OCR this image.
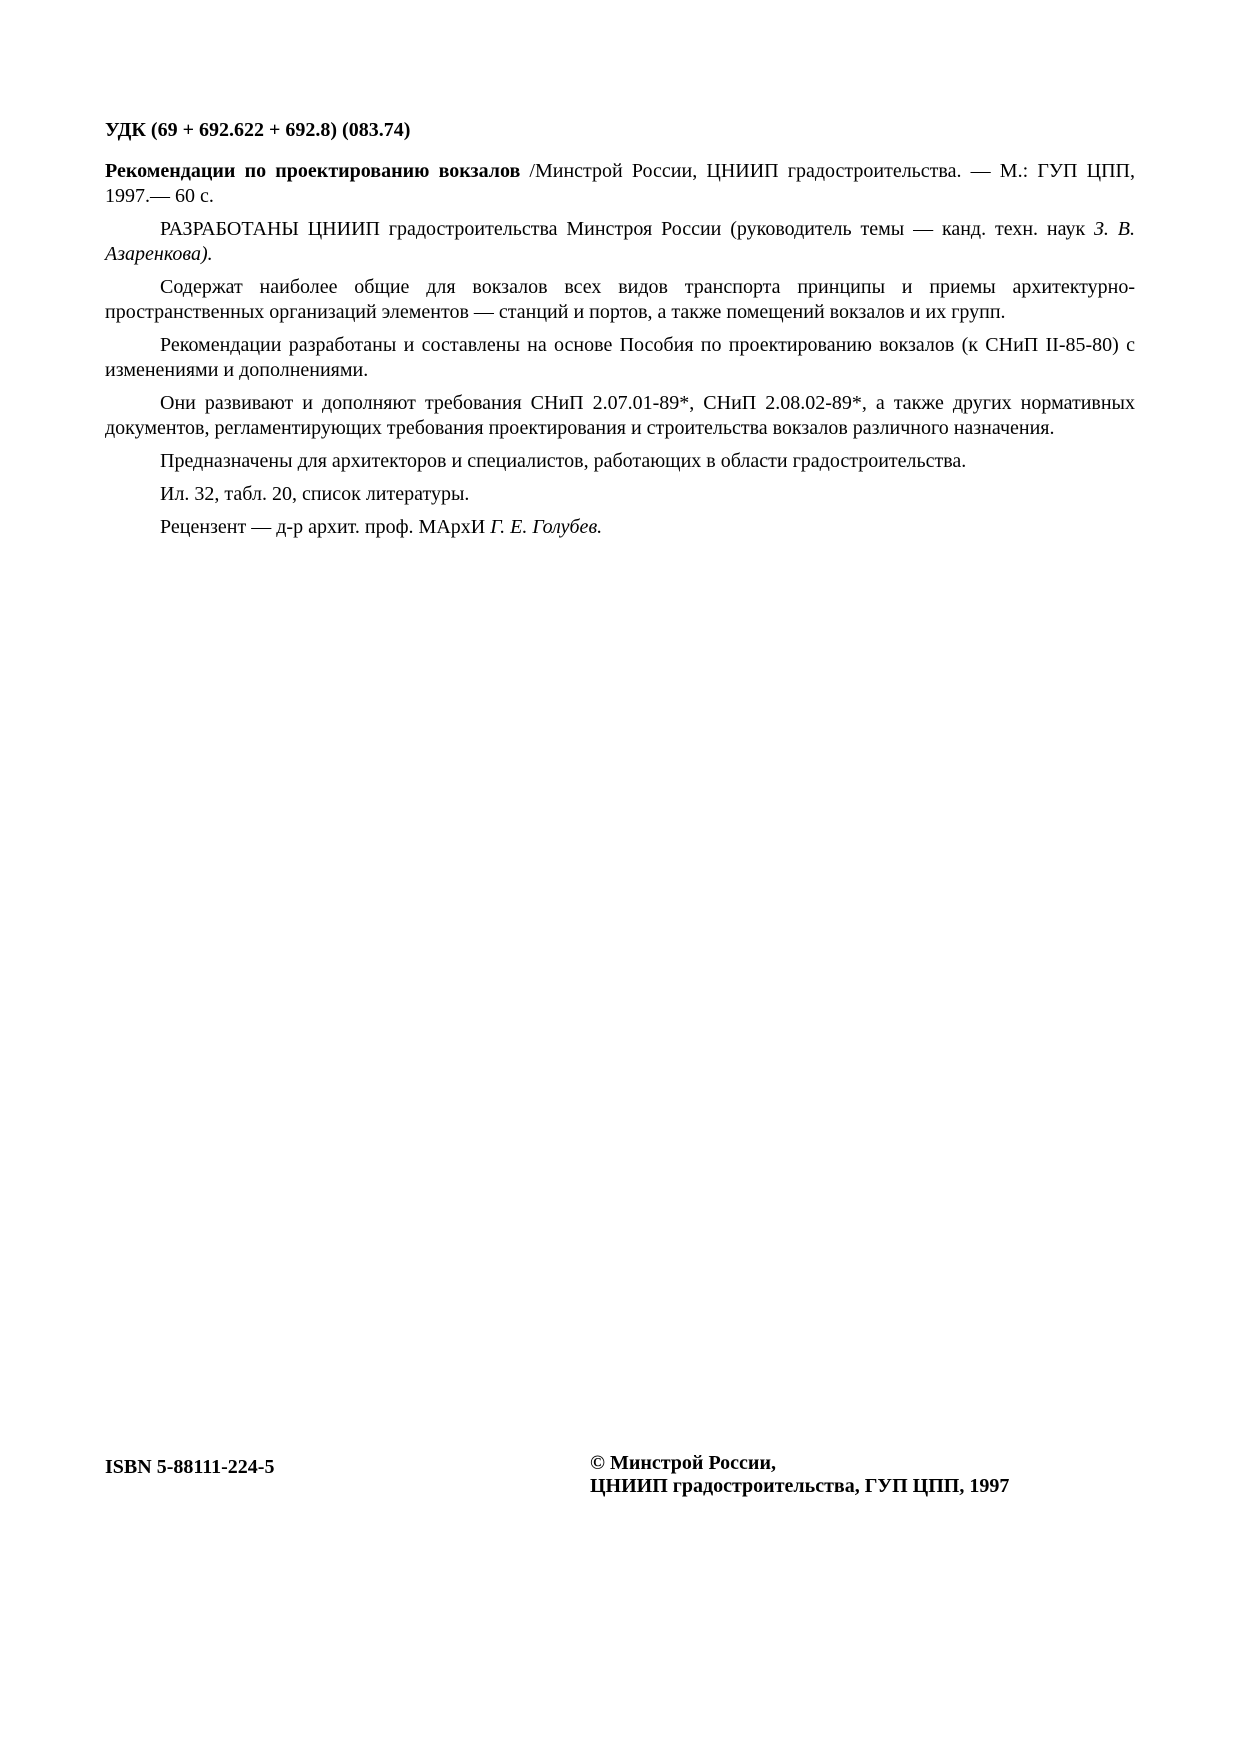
УДК (69 + 692.622 + 692.8) (083.74)

Рекомендации по проектированию вокзалов /Минстрой России, ЦНИИП градостроительства. — М.: ГУП ЦПП, 1997.— 60 с.

РАЗРАБОТАНЫ ЦНИИП градостроительства Минстроя России (руководитель темы — канд. техн. наук З. В. Азаренкова).

Содержат наиболее общие для вокзалов всех видов транспорта принципы и приемы архитектурно-пространственных организаций элементов — станций и портов, а также помещений вокзалов и их групп.

Рекомендации разработаны и составлены на основе Пособия по проектированию вокзалов (к СНиП II-85-80) с изменениями и дополнениями.

Они развивают и дополняют требования СНиП 2.07.01-89*, СНиП 2.08.02-89*, а также других нормативных документов, регламентирующих требования проектирования и строительства вокзалов различного назначения.

Предназначены для архитекторов и специалистов, работающих в области градостроительства.

Ил. 32, табл. 20, список литературы.

Рецензент — д-р архит. проф. МАрхИ Г. Е. Голубев.

ISBN 5-88111-224-5	© Минстрой России,
ЦНИИП градостроительства, ГУП ЦПП, 1997
